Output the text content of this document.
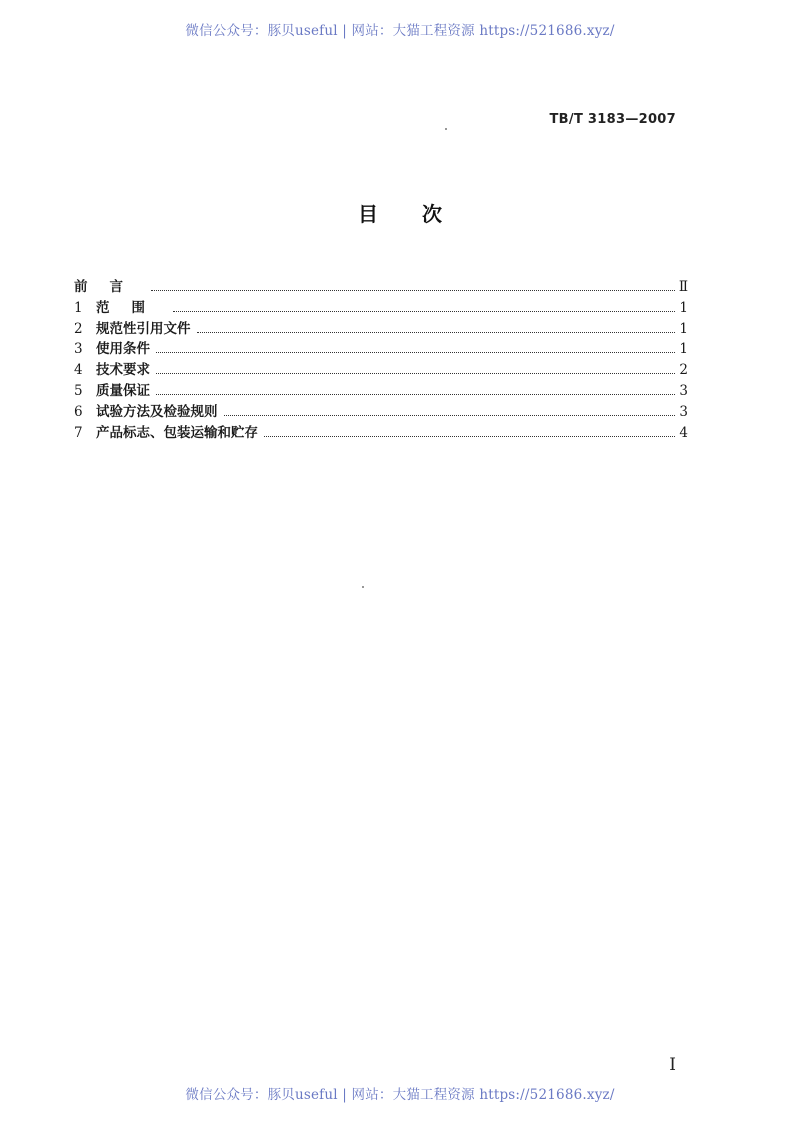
微信公众号：豚贝useful | 网站：大猫工程资源 https://521686.xyz/
TB/T 3183—2007
目次
前言	Ⅱ
1 范围	1
2 规范性引用文件	1
3 使用条件	1
4 技术要求	2
5 质量保证	3
6 试验方法及检验规则	3
7 产品标志、包装运输和贮存	4
I
微信公众号：豚贝useful | 网站：大猫工程资源 https://521686.xyz/
